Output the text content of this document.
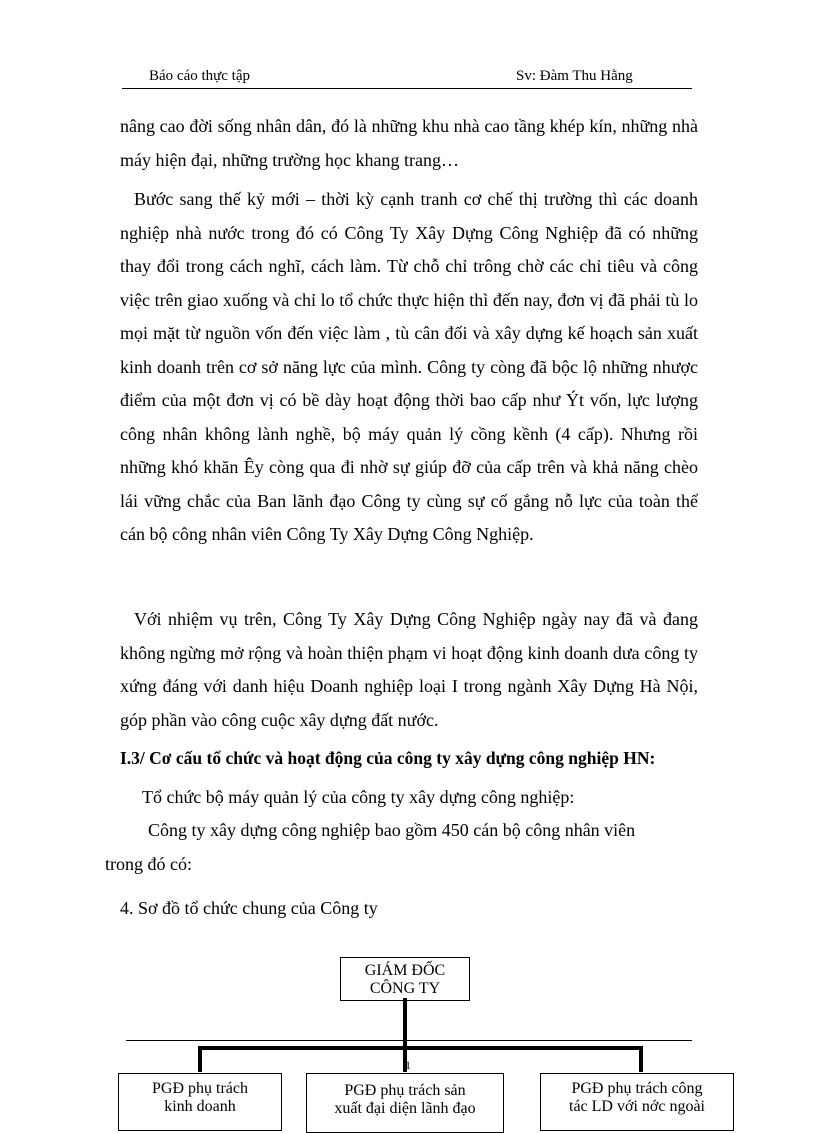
Báo cáo thực tập	Sv: Đàm Thu Hằng
nâng cao đời sống nhân dân, đó là những khu nhà cao tầng khép kín, những nhà máy hiện đại, những trường học khang trang…
Bước sang thế kỷ mới – thời kỳ cạnh tranh cơ chế thị trường thì các doanh nghiệp nhà nước trong đó có Công Ty Xây Dựng Công Nghiệp đã có những thay đổi trong cách nghĩ, cách làm. Từ chỗ chỉ trông chờ các chỉ tiêu và công việc trên giao xuống và chỉ lo tổ chức thực hiện thì đến nay, đơn vị đã phải tù lo mọi mặt từ nguồn vốn đến việc làm , tù cân đối và xây dựng kế hoạch sản xuất kinh doanh trên cơ sở năng lực của mình. Công ty còng đã bộc lộ những nhược điểm của một đơn vị có bề dày hoạt động thời bao cấp như Ýt vốn, lực lượng công nhân không lành nghề, bộ máy quản lý cồng kềnh (4 cấp). Nhưng rồi những khó khăn Êy còng qua đi nhờ sự giúp đỡ của cấp trên và khả năng chèo lái vững chắc của Ban lãnh đạo Công ty cùng sự cố gắng nỗ lực của toàn thể cán bộ công nhân viên Công Ty Xây Dựng Công Nghiệp.
Với nhiệm vụ trên, Công Ty Xây Dựng Công Nghiệp ngày nay đã và đang không ngừng mở rộng và hoàn thiện phạm vi hoạt động kinh doanh dưa công ty xứng đáng với danh hiệu Doanh nghiệp loại I trong ngành Xây Dựng Hà Nội, góp phần vào công cuộc xây dựng đất nước.
I.3/ Cơ cấu tổ chức và hoạt động của công ty xây dựng công nghiệp HN:
Tổ chức bộ máy quản lý của công ty xây dựng công nghiệp:
Công ty xây dựng công nghiệp bao gồm 450 cán bộ công nhân viên
trong đó có:
4. Sơ đồ tổ chức chung của Công ty
GIÁM ĐỐC
CÔNG TY
1
PGĐ phụ trách
kinh doanh
PGĐ phụ trách sản
xuất đại diện lãnh đạo
PGĐ phụ trách công
tác LD với nớc ngoài
